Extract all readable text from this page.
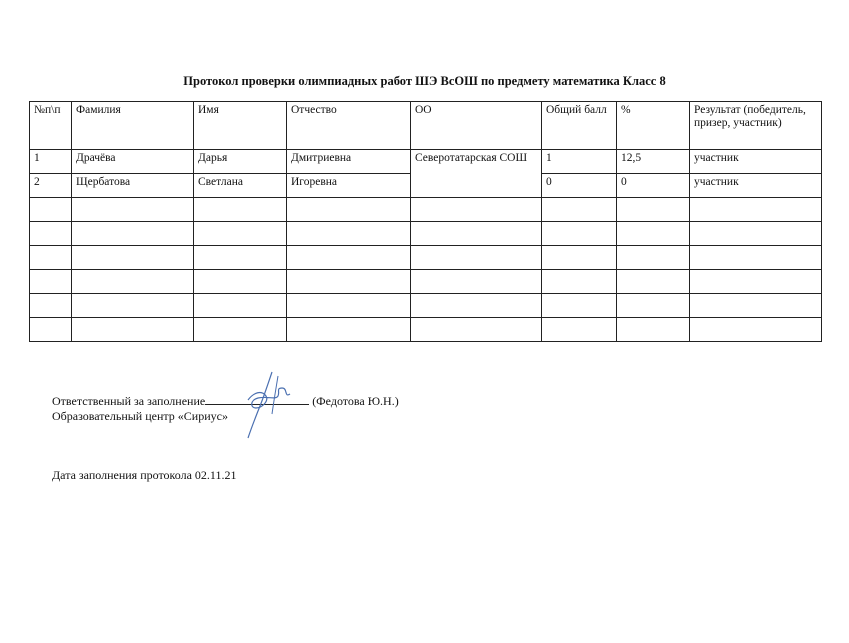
Протокол проверки олимпиадных работ ШЭ ВсОШ по предмету математика Класс 8
№п\п	Фамилия	Имя	Отчество	ОО	Общий балл	%	Результат (победитель, призер, участник)
1	Драчёва	Дарья	Дмитриевна	Северотатарская СОШ	1	12,5	участник
2	Щербатова	Светлана	Игоревна		0	0	участник

Ответственный за заполнение	(Федотова Ю.Н.)
Образовательный центр «Сириус»
Дата заполнения протокола 02.11.21
